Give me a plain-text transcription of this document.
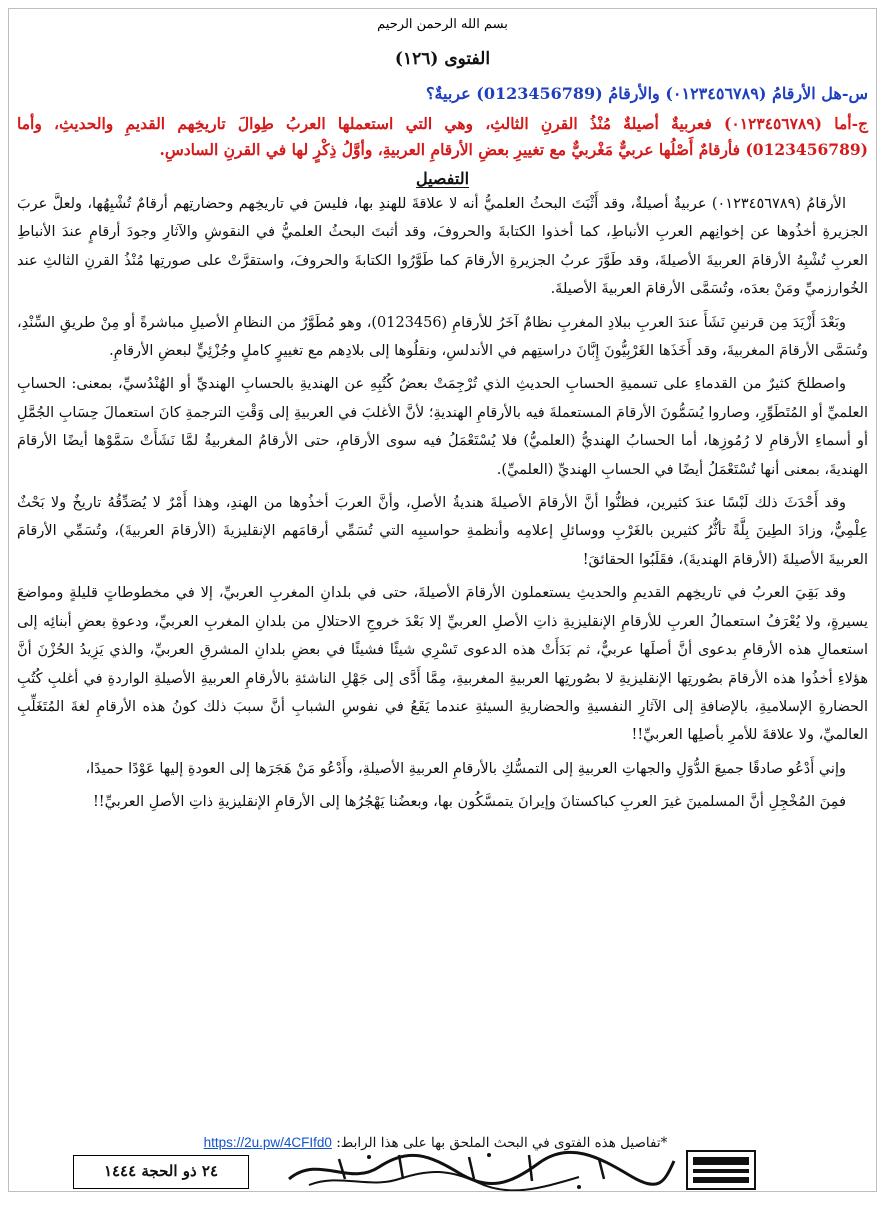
بسم الله الرحمن الرحيم
الفتوى (١٢٦)

س-هل الأرقامُ (٠١٢٣٤٥٦٧٨٩) والأرقامُ (0123456789) عربيةٌ؟

ج-أما (٠١٢٣٤٥٦٧٨٩) فعربيةٌ أصيلةٌ مُنْذُ القرنِ الثالثِ، وهي التي استعملها العربُ طِوالَ تاريخِهم القديمِ والحديثِ، وأما (0123456789) فأرقامٌ أَصْلُها عربيٌّ مَغْربيٌّ مع تغييرِ بعضِ الأرقامِ العربيةِ، وأوَّلُ ذِكْرٍ لها في القرنِ السادسِ.

التفصيل

الأرقامُ (٠١٢٣٤٥٦٧٨٩) عربيةٌ أصيلةٌ، وقد أَثْبَتَ البحثُ العلميُّ أنه لا علاقةَ للهندِ بها، فليسَ في تاريخِهم وحضارتِهم أرقامٌ تُشْبِهُها، ولعلَّ عربَ الجزيرةِ أخذُوها عن إخوانِهم العربِ الأنباطِ، كما أخذوا الكتابةَ والحروفَ، وقد أثبتَ البحثُ العلميُّ في النقوشِ والآثارِ وجودَ أرقامٍ عندَ الأنباطِ العربِ تُشْبِهُ الأرقامَ العربيةَ الأصيلةَ، وقد طَوَّرَ عربُ الجزيرةِ الأرقامَ كما طَوَّرُوا الكتابةَ والحروفَ، واستقرَّتْ على صورتِها مُنْذُ القرنِ الثالثِ عند الخُوارزميِّ ومَنْ بعدَه، وتُسَمَّى الأرقامَ العربيةَ الأصيلةَ.

وبَعْدَ أَزْيَدَ مِن قرنينِ نَشَأَ عندَ العربِ ببلادِ المغربِ نظامٌ آخَرُ للأرقامِ (0123456)، وهو مُطَوَّرٌ من النظامِ الأصيلِ مباشرةً أو مِنْ طريقِ السِّنْدِ، وتُسَمَّى الأرقامَ المغربيةَ، وقد أَخَذَها الغَرْبِيُّونَ إِبَّانَ دراستِهم في الأندلسِ، ونقلُوها إلى بلادِهم مع تغييرٍ كاملٍ وجُزْئِيٍّ لبعضِ الأرقامِ.

واصطلحَ كثيرٌ من القدماءِ على تسميةِ الحسابِ الحديثِ الذي تُرْجِمَتْ بعضُ كُتُبِهِ عن الهنديةِ بالحسابِ الهنديِّ أو الهُنْدُسيِّ، بمعنى: الحسابِ العلميِّ أو المُتَطَوِّرِ، وصاروا يُسَمُّونَ الأرقامَ المستعملةَ فيه بالأرقامِ الهنديةِ؛ لأنَّ الأغلبَ في العربيةِ إلى وَقْتِ الترجمةِ كانَ استعمالَ حِسَابِ الجُمَّلِ أو أسماءِ الأرقامِ لا رُمُوزِها، أما الحسابُ الهنديُّ (العلميُّ) فلا يُسْتَعْمَلُ فيه سوى الأرقامِ، حتى الأرقامُ المغربيةُ لمَّا نَشَأَتْ سَمَّوْها أيضًا الأرقامَ الهنديةَ، بمعنى أنها تُسْتَعْمَلُ أيضًا في الحسابِ الهنديِّ (العلميِّ).

وقد أَحْدَثَ ذلك لَبْسًا عندَ كثيرين، فظنُّوا أنَّ الأرقامَ الأصيلةَ هنديةُ الأصلِ، وأنَّ العربَ أخذُوها من الهندِ، وهذا أَمْرٌ لا يُصَدِّقُهُ تاريخٌ ولا بَحْثٌ عِلْمِيٌّ، وزادَ الطِينَ بِلَّةً تأثُّرُ كثيرين بالغَرْبِ ووسائلِ إعلامِه وأنظمةِ حواسيبِه التي تُسَمِّي أرقامَهم الإنقليزيةَ (الأرقامَ العربيةَ)، وتُسَمِّي الأرقامَ العربيةَ الأصيلةَ (الأرقامَ الهنديةَ)، فقَلَبُوا الحقائقَ!

وقد بَقِيَ العربُ في تاريخِهم القديمِ والحديثِ يستعملون الأرقامَ الأصيلةَ، حتى في بلدانِ المغربِ العربيِّ، إلا في مخطوطاتٍ قليلةٍ ومواضعَ يسيرةٍ، ولا يُعْرَفُ استعمالُ العربِ للأرقامِ الإنقليزيةِ ذاتِ الأصلِ العربيِّ إلا بَعْدَ خروجِ الاحتلالِ من بلدانِ المغربِ العربيِّ، ودعوةِ بعضِ أبنائِه إلى استعمالِ هذه الأرقامِ بدعوى أنَّ أصلَها عربيٌّ، ثم بَدَأَتْ هذه الدعوى تَسْرِي شيئًا فشيئًا في بعضِ بلدانِ المشرقِ العربيِّ، والذي يَزِيدُ الحُزْنَ أنَّ هؤلاءِ أخذُوا هذه الأرقامَ بصُورتِها الإنقليزيةِ لا بصُورتِها العربيةِ المغربيةِ، مِمَّا أَدَّى إلى جَهْلِ الناشئةِ بالأرقامِ العربيةِ الأصيلةِ الواردةِ في أغلبِ كُتُبِ الحضارةِ الإسلاميةِ، بالإضافةِ إلى الآثارِ النفسيةِ والحضاريةِ السيئةِ عندما يَقَعُ في نفوسِ الشبابِ أنَّ سببَ ذلك كونُ هذه الأرقامِ لغةَ المُتَغَلِّبِ العالميِّ، ولا علاقةَ للأمرِ بأصلِها العربيِّ!!

وإني أَدْعُو صادقًا جميعَ الدُّوَلِ والجهاتِ العربيةِ إلى التمسُّكِ بالأرقامِ العربيةِ الأصيلةِ، وأَدْعُو مَنْ هَجَرَها إلى العودةِ إليها عَوْدًا حميدًا،

فمِنَ المُخْجِلِ أنَّ المسلمينَ غيرَ العربِ كباكستانَ وإيرانَ يتمسَّكُون بها، وبعضُنا يَهْجُرُها إلى الأرقامِ الإنقليزيةِ ذاتِ الأصلِ العربيِّ!!

*تفاصيل هذه الفتوى في البحث الملحق بها على هذا الرابط: https://2u.pw/4CFIfd0
٢٤ ذو الحجة ١٤٤٤
